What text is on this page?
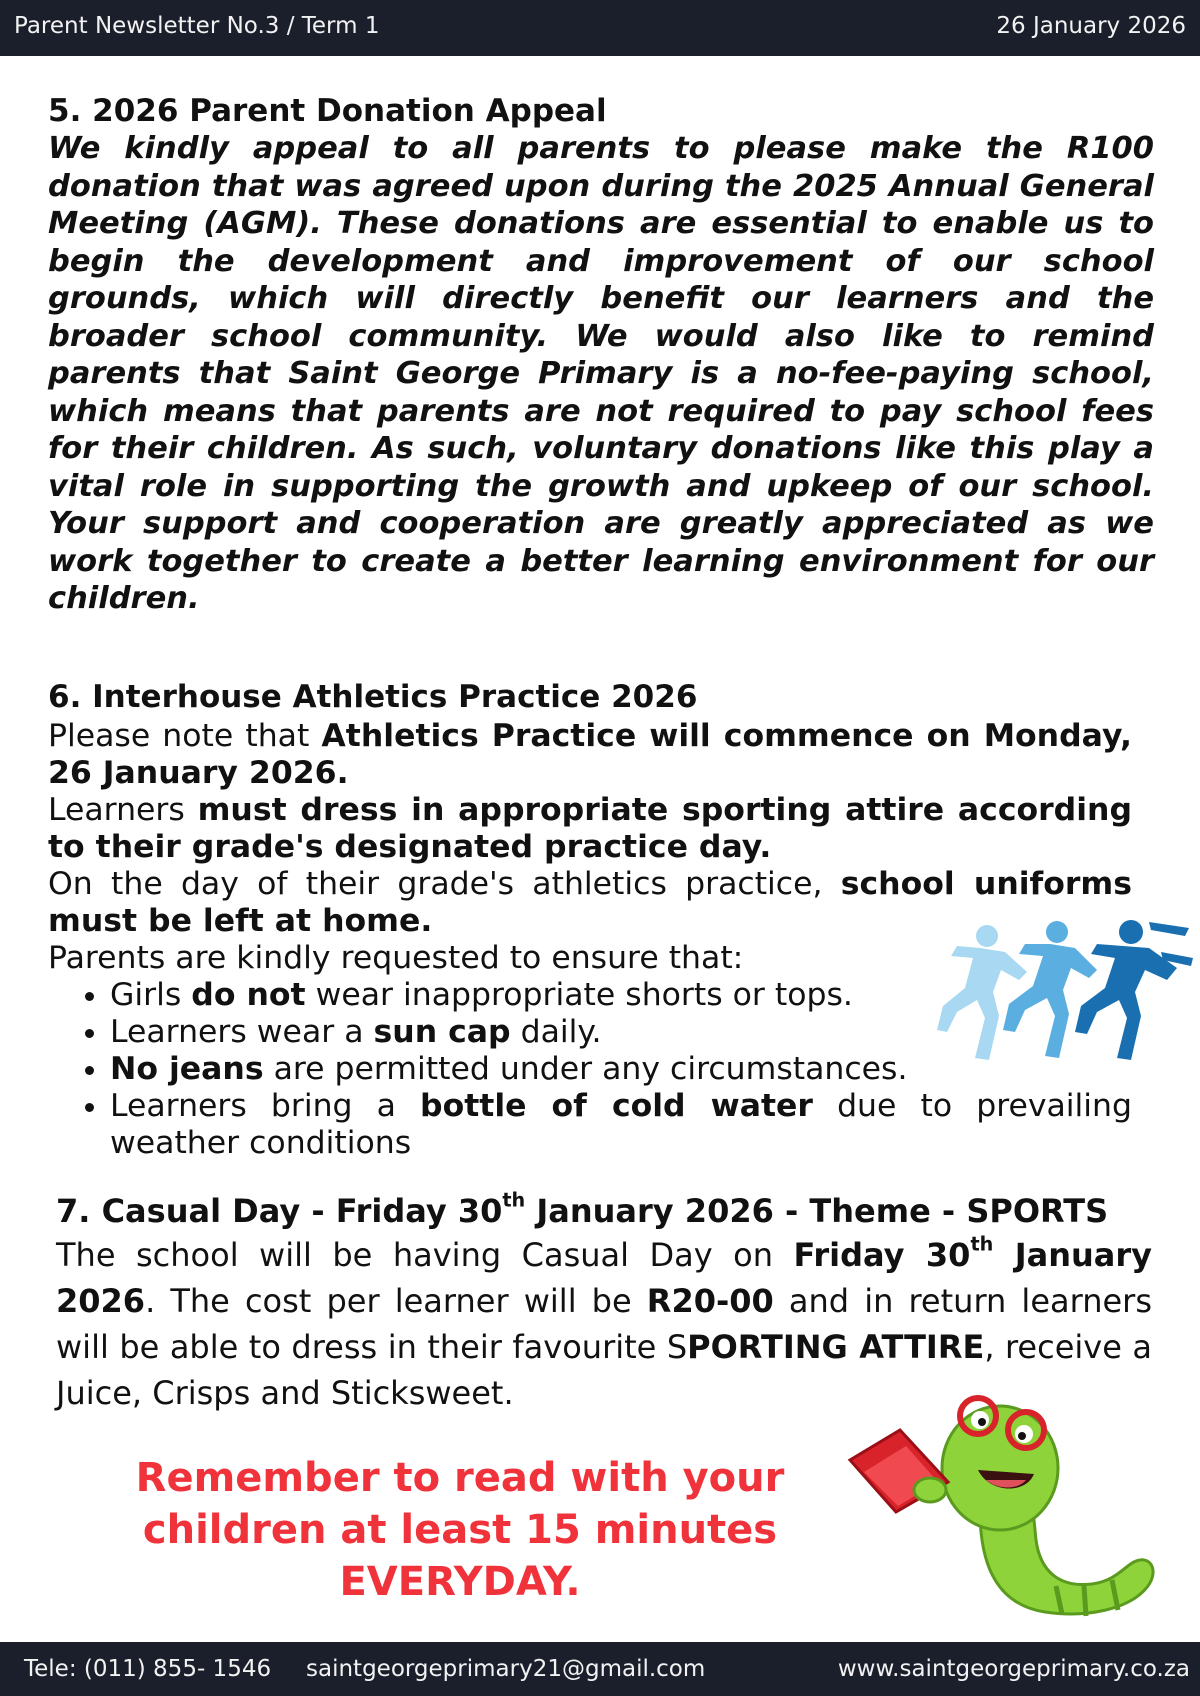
Parent Newsletter No.3 / Term 1	26 January 2026
5. 2026 Parent Donation Appeal

We kindly appeal to all parents to please make the R100 donation that was agreed upon during the 2025 Annual General Meeting (AGM). These donations are essential to enable us to begin the development and improvement of our school grounds, which will directly benefit our learners and the broader school community. We would also like to remind parents that Saint George Primary is a no-fee-paying school, which means that parents are not required to pay school fees for their children. As such, voluntary donations like this play a vital role in supporting the growth and upkeep of our school. Your support and cooperation are greatly appreciated as we work together to create a better learning environment for our children.

6. Interhouse Athletics Practice 2026

Please note that Athletics Practice will commence on Monday, 26 January 2026.

Learners must dress in appropriate sporting attire according to their grade's designated practice day.

On the day of their grade's athletics practice, school uniforms must be left at home.

Parents are kindly requested to ensure that:

• Girls do not wear inappropriate shorts or tops.
• Learners wear a sun cap daily.
• No jeans are permitted under any circumstances.
• Learners bring a bottle of cold water due to prevailing weather conditions
7. Casual Day - Friday 30th January 2026 - Theme - SPORTS

The school will be having Casual Day on Friday 30th January 2026. The cost per learner will be R20-00 and in return learners will be able to dress in their favourite SPORTING ATTIRE, receive a Juice, Crisps and Sticksweet.

Remember to read with your
children at least 15 minutes
EVERYDAY.
Tele: (011) 855- 1546 saintgeorgeprimary21@gmail.com	www.saintgeorgeprimary.co.za
